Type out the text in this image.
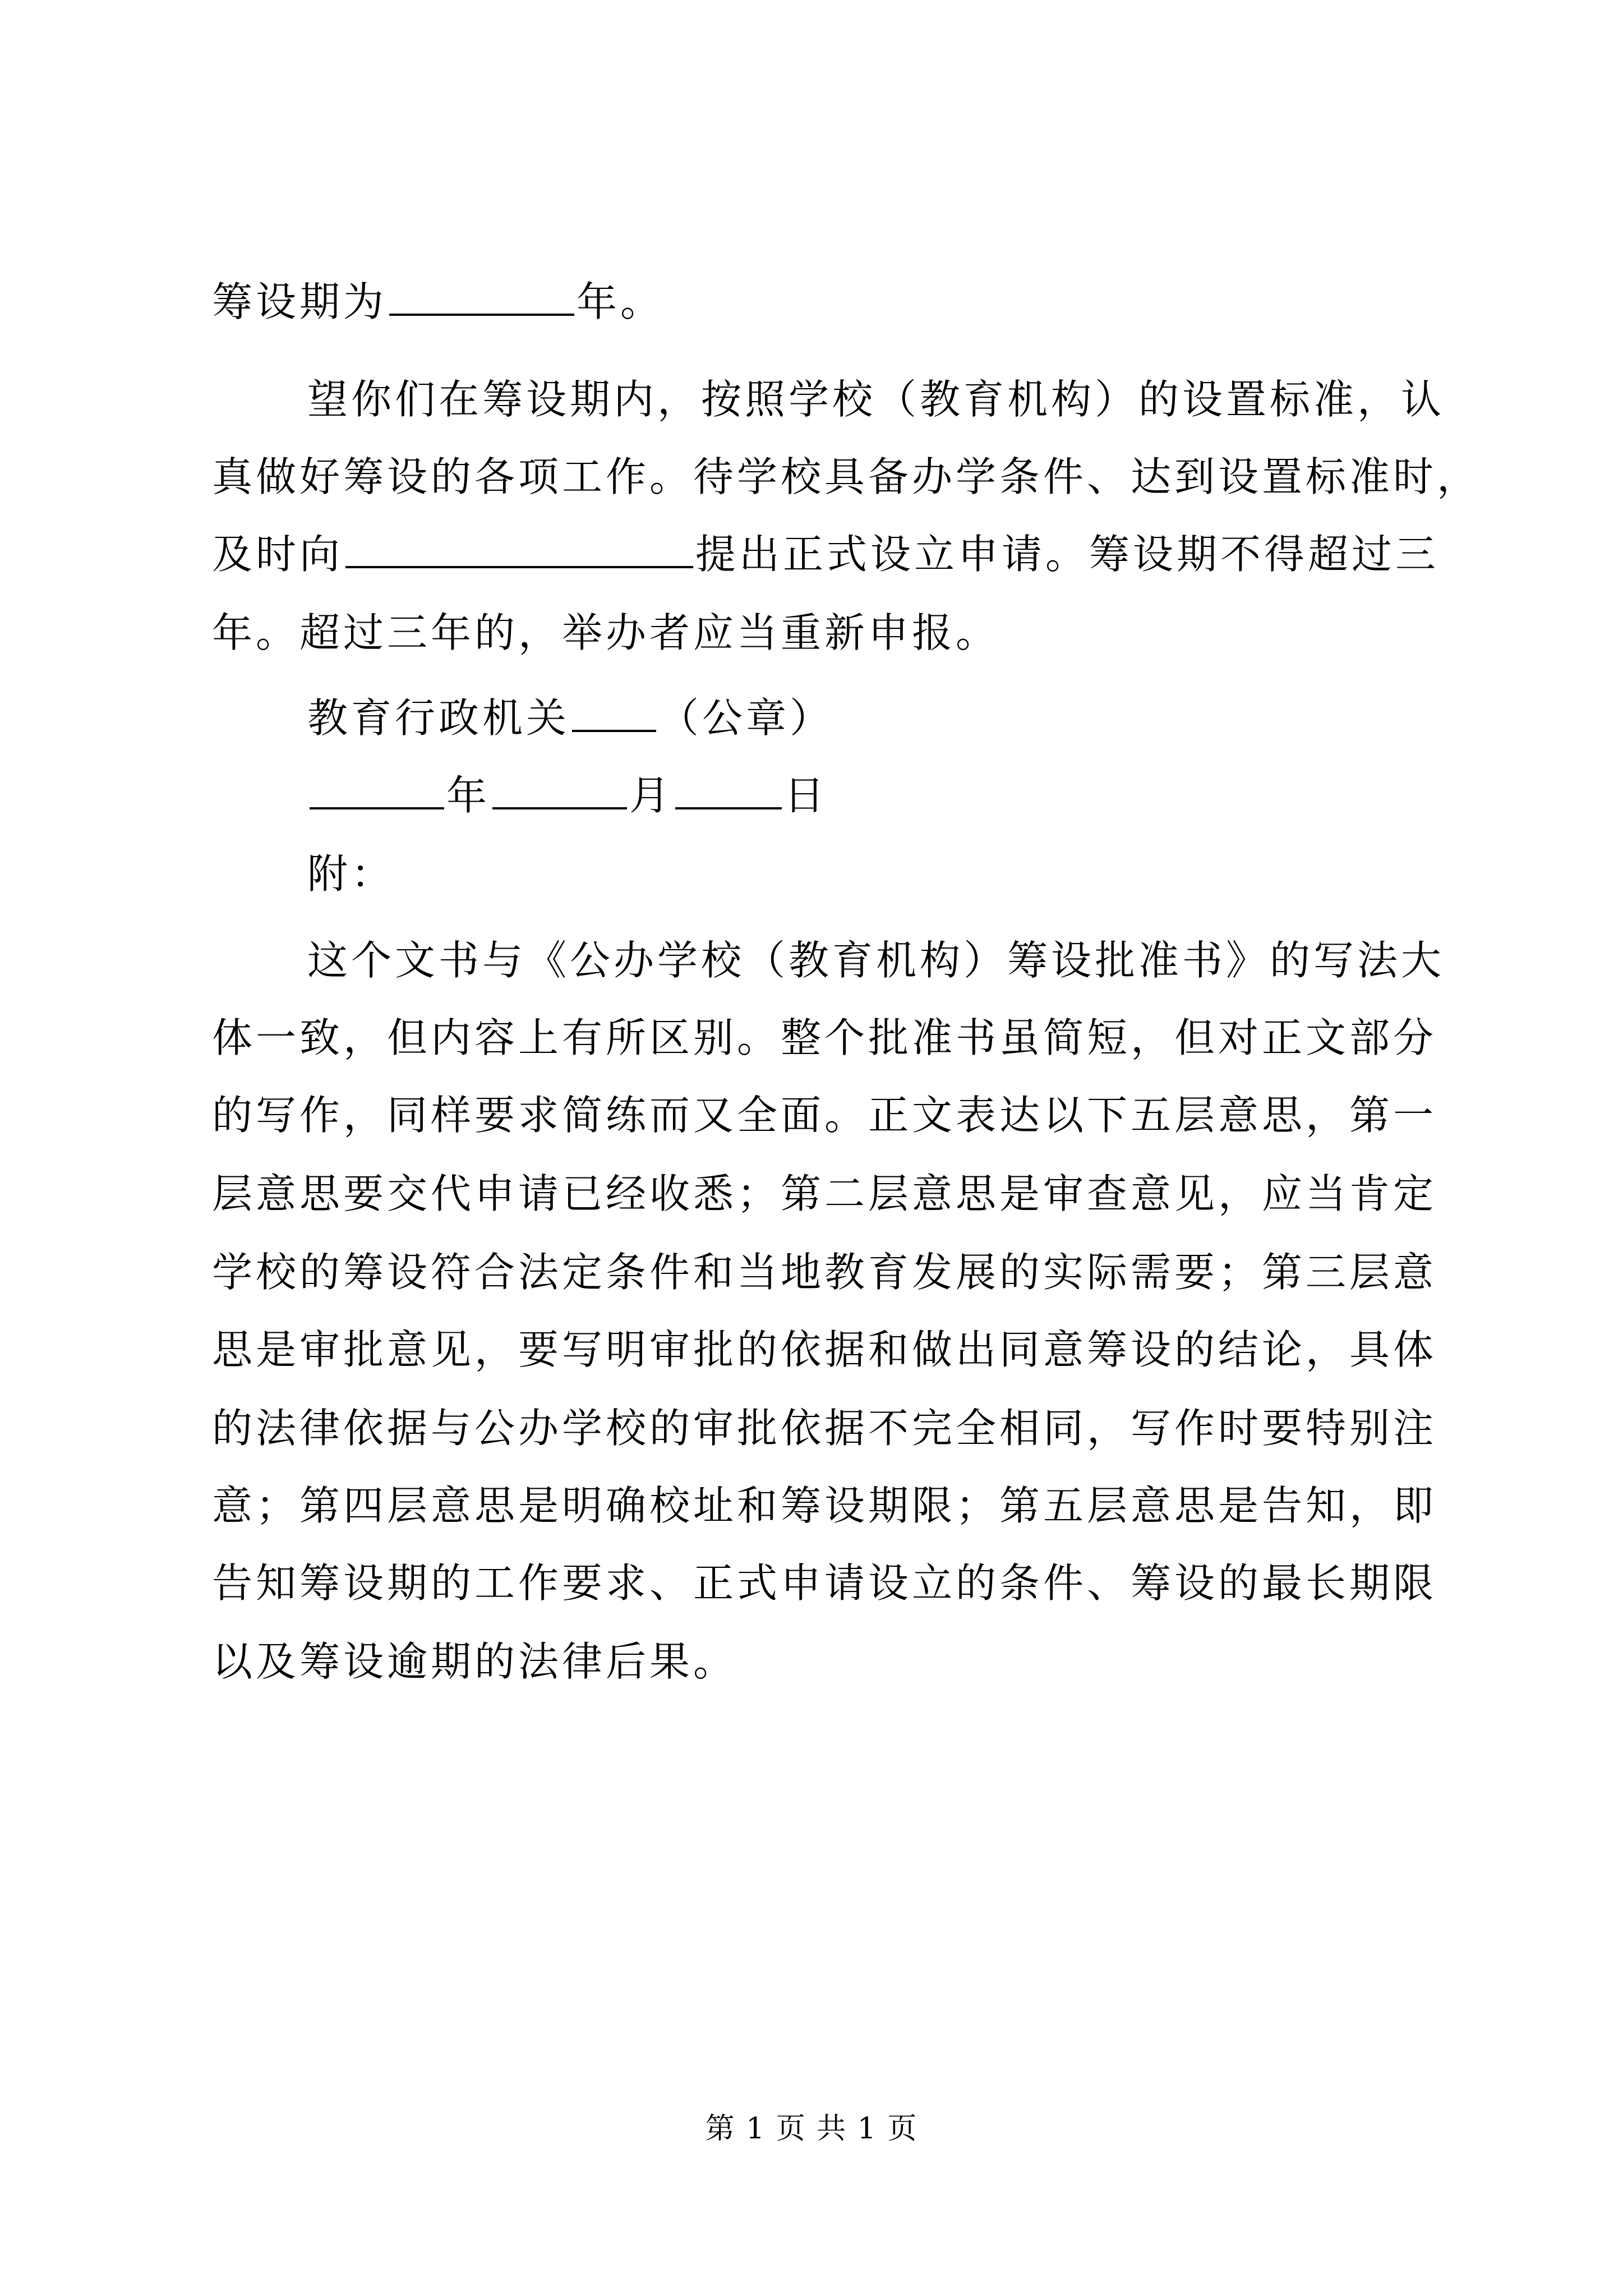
筹设期为	年。
望你们在筹设期内，按照学校（教育机构）的设置标准，认
真做好筹设的各项工作。待学校具备办学条件、达到设置标准时，
及时向	提出正式设立申请。筹设期不得超过三
年。超过三年的，举办者应当重新申报。
教育行政机关 （公章）
年	月	日
附：
这个文书与《公办学校（教育机构）筹设批准书》的写法大
体一致，但内容上有所区别。整个批准书虽简短，但对正文部分
的写作，同样要求简练而又全面。正文表达以下五层意思，第一
层意思要交代申请已经收悉；第二层意思是审查意见，应当肯定
学校的筹设符合法定条件和当地教育发展的实际需要；第三层意
思是审批意见，要写明审批的依据和做出同意筹设的结论，具体
的法律依据与公办学校的审批依据不完全相同，写作时要特别注
意；第四层意思是明确校址和筹设期限；第五层意思是告知，即
告知筹设期的工作要求、正式申请设立的条件、筹设的最长期限
以及筹设逾期的法律后果。
第 1 页 共 1 页
